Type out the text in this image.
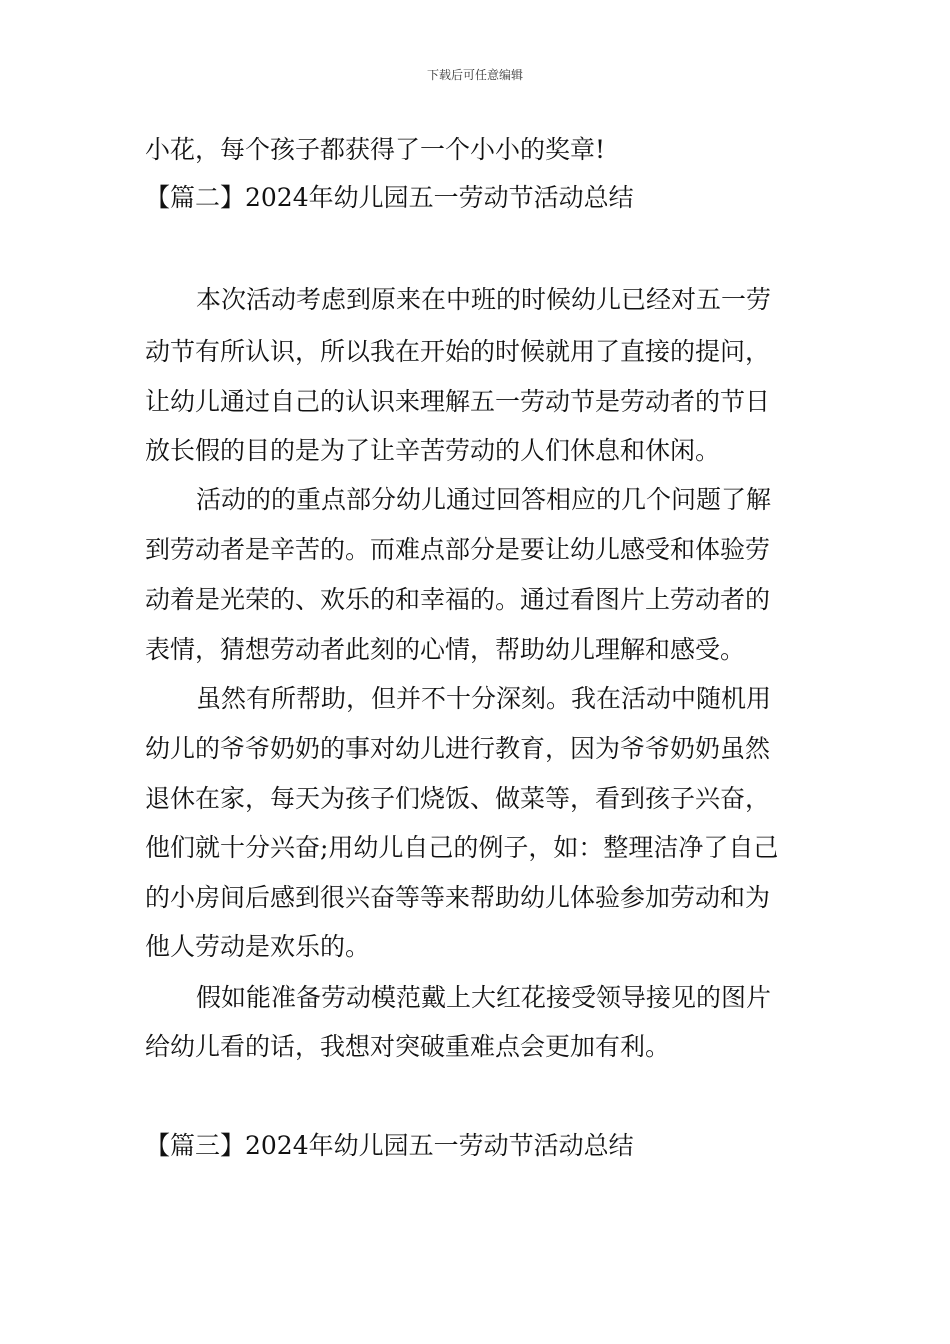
下载后可任意编辑
小花，每个孩子都获得了一个小小的奖章!
【篇二】2024年幼儿园五一劳动节活动总结
本次活动考虑到原来在中班的时候幼儿已经对五一劳
动节有所认识，所以我在开始的时候就用了直接的提问，
让幼儿通过自己的认识来理解五一劳动节是劳动者的节日
放长假的目的是为了让辛苦劳动的人们休息和休闲。
活动的的重点部分幼儿通过回答相应的几个问题了解
到劳动者是辛苦的。而难点部分是要让幼儿感受和体验劳
动着是光荣的、欢乐的和幸福的。通过看图片上劳动者的
表情，猜想劳动者此刻的心情，帮助幼儿理解和感受。
虽然有所帮助，但并不十分深刻。我在活动中随机用
幼儿的爷爷奶奶的事对幼儿进行教育，因为爷爷奶奶虽然
退休在家，每天为孩子们烧饭、做菜等，看到孩子兴奋，
他们就十分兴奋;用幼儿自己的例子，如：整理洁净了自己
的小房间后感到很兴奋等等来帮助幼儿体验参加劳动和为
他人劳动是欢乐的。
假如能准备劳动模范戴上大红花接受领导接见的图片
给幼儿看的话，我想对突破重难点会更加有利。
【篇三】2024年幼儿园五一劳动节活动总结
